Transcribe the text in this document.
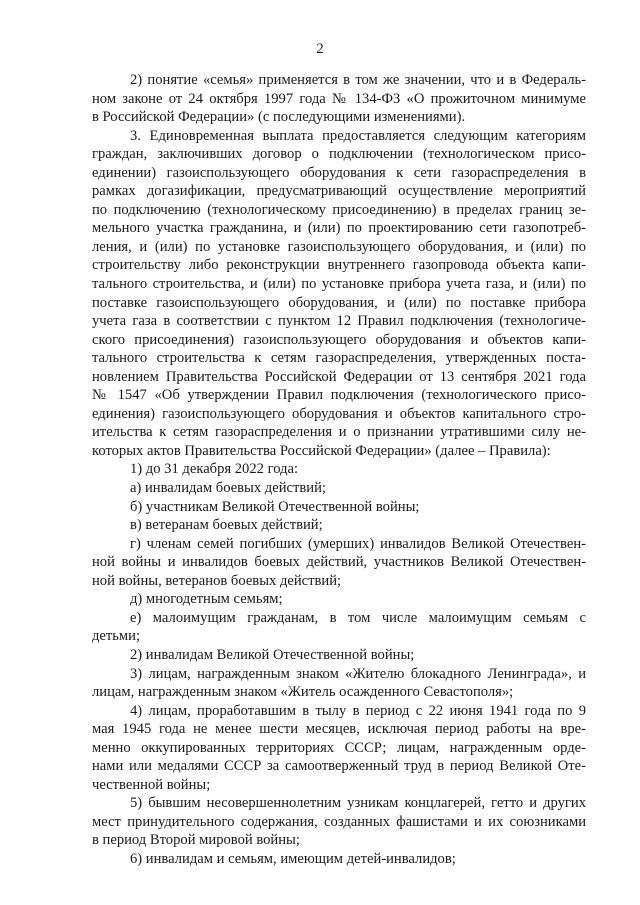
2

2) понятие «семья» применяется в том же значении, что и в Федераль-
ном законе от 24 октября 1997 года № 134-ФЗ «О прожиточном минимуме
в Российской Федерации» (с последующими изменениями).

3. Единовременная выплата предоставляется следующим категориям
граждан, заключивших договор о подключении (технологическом присо-
единении) газоиспользующего оборудования к сети газораспределения в
рамках догазификации, предусматривающий осуществление мероприятий
по подключению (технологическому присоединению) в пределах границ зе-
мельного участка гражданина, и (или) по проектированию сети газопотреб-
ления, и (или) по установке газоиспользующего оборудования, и (или) по
строительству либо реконструкции внутреннего газопровода объекта капи-
тального строительства, и (или) по установке прибора учета газа, и (или) по
поставке газоиспользующего оборудования, и (или) по поставке прибора
учета газа в соответствии с пунктом 12 Правил подключения (технологиче-
ского присоединения) газоиспользующего оборудования и объектов капи-
тального строительства к сетям газораспределения, утвержденных поста-
новлением Правительства Российской Федерации от 13 сентября 2021 года
№ 1547 «Об утверждении Правил подключения (технологического присо-
единения) газоиспользующего оборудования и объектов капитального стро-
ительства к сетям газораспределения и о признании утратившими силу не-
которых актов Правительства Российской Федерации» (далее – Правила):

1) до 31 декабря 2022 года:

а) инвалидам боевых действий;

б) участникам Великой Отечественной войны;

в) ветеранам боевых действий;

г) членам семей погибших (умерших) инвалидов Великой Отечествен-
ной войны и инвалидов боевых действий, участников Великой Отечествен-
ной войны, ветеранов боевых действий;

д) многодетным семьям;

е) малоимущим гражданам, в том числе малоимущим семьям с
детьми;

2) инвалидам Великой Отечественной войны;

3) лицам, награжденным знаком «Жителю блокадного Ленинграда», и
лицам, награжденным знаком «Житель осажденного Севастополя»;

4) лицам, проработавшим в тылу в период с 22 июня 1941 года по 9
мая 1945 года не менее шести месяцев, исключая период работы на вре-
менно оккупированных территориях СССР; лицам, награжденным орде-
нами или медалями СССР за самоотверженный труд в период Великой Оте-
чественной войны;

5) бывшим несовершеннолетним узникам концлагерей, гетто и других
мест принудительного содержания, созданных фашистами и их союзниками
в период Второй мировой войны;

6) инвалидам и семьям, имеющим детей-инвалидов;
